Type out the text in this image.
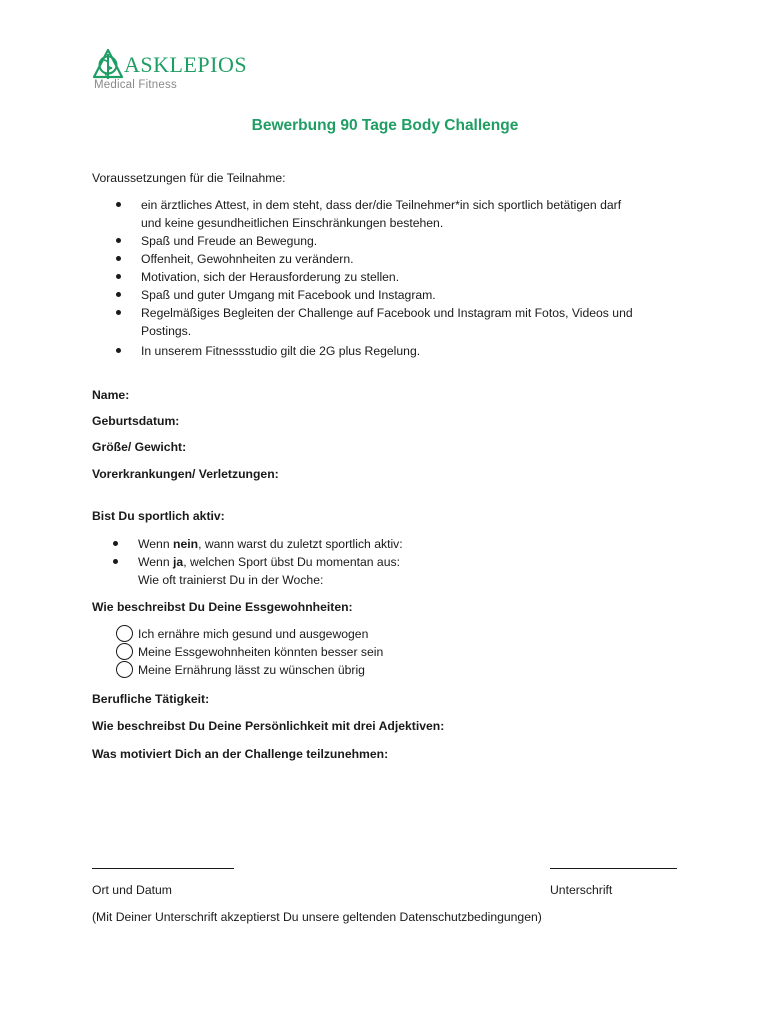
ASKLEPIOS
Medical Fitness
Bewerbung 90 Tage Body Challenge
Voraussetzungen für die Teilnahme:
ein ärztliches Attest, in dem steht, dass der/die Teilnehmer*in sich sportlich betätigen darf
und keine gesundheitlichen Einschränkungen bestehen.
Spaß und Freude an Bewegung.
Offenheit, Gewohnheiten zu verändern.
Motivation, sich der Herausforderung zu stellen.
Spaß und guter Umgang mit Facebook und Instagram.
Regelmäßiges Begleiten der Challenge auf Facebook und Instagram mit Fotos, Videos und
Postings.
In unserem Fitnessstudio gilt die 2G plus Regelung.
Name:
Geburtsdatum:
Größe/ Gewicht:
Vorerkrankungen/ Verletzungen:
Bist Du sportlich aktiv:
Wenn nein, wann warst du zuletzt sportlich aktiv:
Wenn ja, welchen Sport übst Du momentan aus:
Wie oft trainierst Du in der Woche:
Wie beschreibst Du Deine Essgewohnheiten:
Ich ernähre mich gesund und ausgewogen
Meine Essgewohnheiten könnten besser sein
Meine Ernährung lässt zu wünschen übrig
Berufliche Tätigkeit:
Wie beschreibst Du Deine Persönlichkeit mit drei Adjektiven:
Was motiviert Dich an der Challenge teilzunehmen:
Ort und Datum	Unterschrift
(Mit Deiner Unterschrift akzeptierst Du unsere geltenden Datenschutzbedingungen)
